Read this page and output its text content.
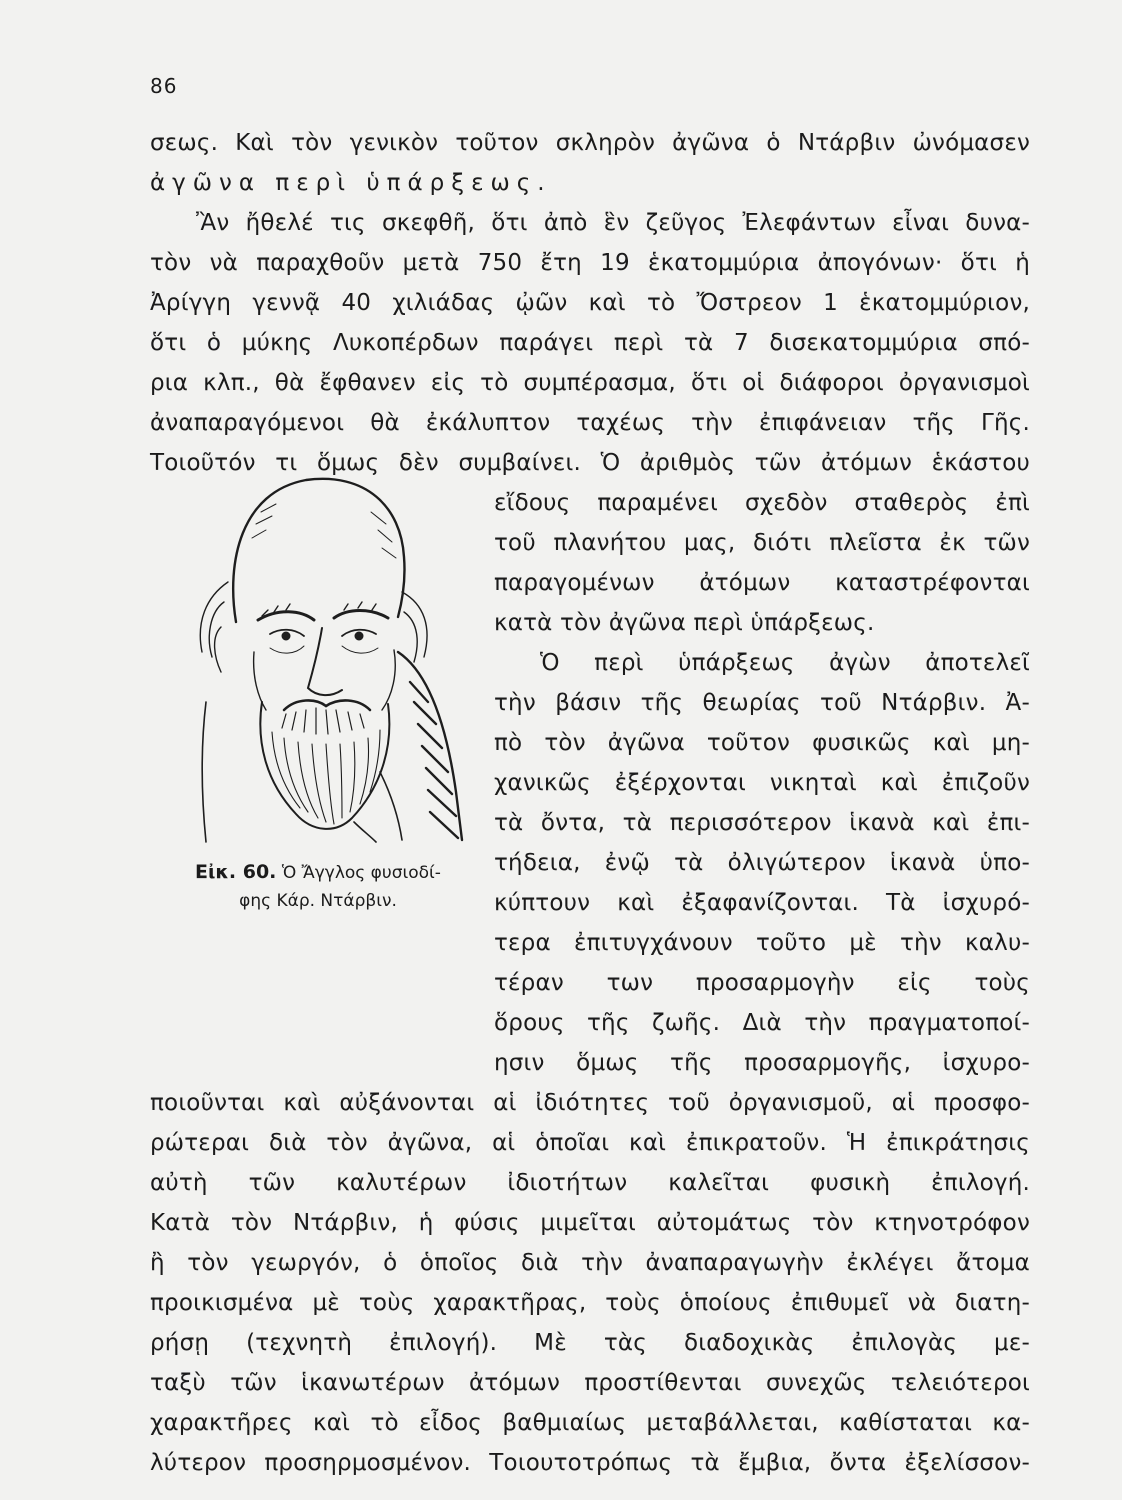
86
σεως. Καὶ τὸν γενικὸν τοῦτον σκληρὸν ἀγῶνα ὁ Ντάρβιν ὠνόμασεν
ἀγῶνα περὶ ὑπάρξεως.
Ἂν ἤθελέ τις σκεφθῆ, ὅτι ἀπὸ ἓν ζεῦγος Ἐλεφάντων εἶναι δυνα-
τὸν νὰ παραχθοῦν μετὰ 750 ἔτη 19 ἑκατομμύρια ἀπογόνων· ὅτι ἡ
Ἀρίγγη γεννᾷ 40 χιλιάδας ᾠῶν καὶ τὸ Ὄστρεον 1 ἑκατομμύριον,
ὅτι ὁ μύκης Λυκοπέρδων παράγει περὶ τὰ 7 δισεκατομμύρια σπό-
ρια κλπ., θὰ ἔφθανεν εἰς τὸ συμπέρασμα, ὅτι οἱ διάφοροι ὀργανισμοὶ
ἀναπαραγόμενοι θὰ ἐκάλυπτον ταχέως τὴν ἐπιφάνειαν τῆς Γῆς.
Τοιοῦτόν τι ὅμως δὲν συμβαίνει. Ὁ ἀριθμὸς τῶν ἀτόμων ἑκάστου
εἴδους παραμένει σχεδὸν σταθερὸς ἐπὶ
τοῦ πλανήτου μας, διότι πλεῖστα ἐκ τῶν
παραγομένων ἀτόμων καταστρέφονται
κατὰ τὸν ἀγῶνα περὶ ὑπάρξεως.
Ὁ περὶ ὑπάρξεως ἀγὼν ἀποτελεῖ
τὴν βάσιν τῆς θεωρίας τοῦ Ντάρβιν. Ἀ-
πὸ τὸν ἀγῶνα τοῦτον φυσικῶς καὶ μη-
χανικῶς ἐξέρχονται νικηταὶ καὶ ἐπιζοῦν
τὰ ὄντα, τὰ περισσότερον ἱκανὰ καὶ ἐπι-
τήδεια, ἐνῷ τὰ ὀλιγώτερον ἱκανὰ ὑπο-
κύπτουν καὶ ἐξαφανίζονται. Τὰ ἰσχυρό-
τερα ἐπιτυγχάνουν τοῦτο μὲ τὴν καλυ-
τέραν των προσαρμογὴν εἰς τοὺς
ὅρους τῆς ζωῆς. Διὰ τὴν πραγματοποί-
ησιν ὅμως τῆς προσαρμογῆς, ἰσχυρο-
ποιοῦνται καὶ αὐξάνονται αἱ ἰδιότητες τοῦ ὀργανισμοῦ, αἱ προσφο-
ρώτεραι διὰ τὸν ἀγῶνα, αἱ ὁποῖαι καὶ ἐπικρατοῦν. Ἡ ἐπικράτησις
αὐτὴ τῶν καλυτέρων ἰδιοτήτων καλεῖται φυσικὴ ἐπιλογή.
Κατὰ τὸν Ντάρβιν, ἡ φύσις μιμεῖται αὐτομάτως τὸν κτηνοτρόφον
ἢ τὸν γεωργόν, ὁ ὁποῖος διὰ τὴν ἀναπαραγωγὴν ἐκλέγει ἄτομα
προικισμένα μὲ τοὺς χαρακτῆρας, τοὺς ὁποίους ἐπιθυμεῖ νὰ διατη-
ρήσῃ (τεχνητὴ ἐπιλογή). Μὲ τὰς διαδοχικὰς ἐπιλογὰς με-
ταξὺ τῶν ἱκανωτέρων ἀτόμων προστίθενται συνεχῶς τελειότεροι
χαρακτῆρες καὶ τὸ εἶδος βαθμιαίως μεταβάλλεται, καθίσταται κα-
λύτερον προσηρμοσμένον. Τοιουτοτρόπως τὰ ἔμβια, ὄντα ἐξελίσσον-
Εἰκ. 60. Ὁ Ἄγγλος φυσιοδί-
φης Κάρ. Ντάρβιν.
